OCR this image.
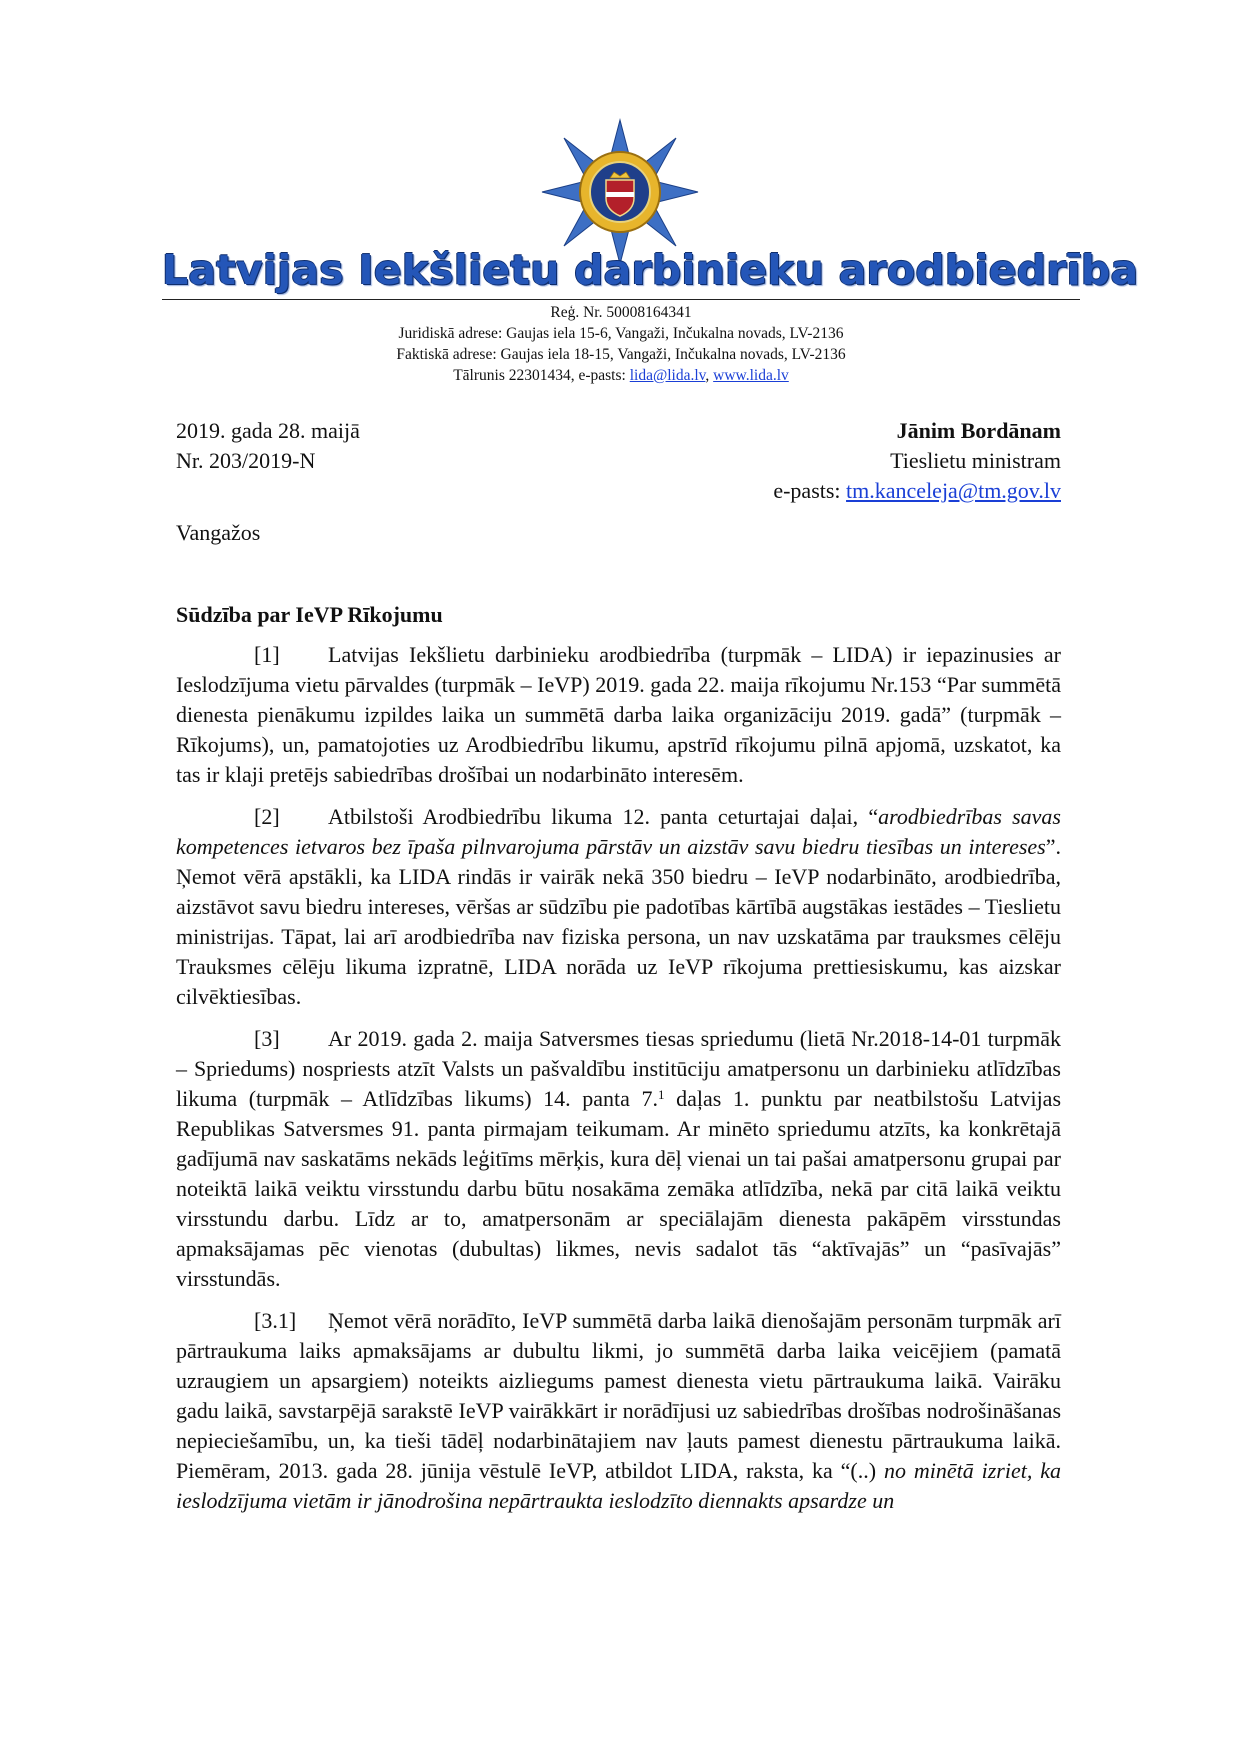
Latvijas Iekšlietu darbinieku arodbiedrība
Reģ. Nr. 50008164341
Juridiskā adrese: Gaujas iela 15-6, Vangaži, Inčukalna novads, LV-2136
Faktiskā adrese: Gaujas iela 18-15, Vangaži, Inčukalna novads, LV-2136
Tālrunis 22301434, e-pasts: lida@lida.lv, www.lida.lv
2019. gada 28. maijā
Nr. 203/2019-N
Jānim Bordānam
Tieslietu ministram
e-pasts: tm.kanceleja@tm.gov.lv
Vangažos
Sūdzība par IeVP Rīkojumu

[1] Latvijas Iekšlietu darbinieku arodbiedrība (turpmāk – LIDA) ir iepazinusies ar Ieslodzījuma vietu pārvaldes (turpmāk – IeVP) 2019. gada 22. maija rīkojumu Nr.153 “Par summētā dienesta pienākumu izpildes laika un summētā darba laika organizāciju 2019. gadā” (turpmāk – Rīkojums), un, pamatojoties uz Arodbiedrību likumu, apstrīd rīkojumu pilnā apjomā, uzskatot, ka tas ir klaji pretējs sabiedrības drošībai un nodarbināto interesēm.

[2] Atbilstoši Arodbiedrību likuma 12. panta ceturtajai daļai, “arodbiedrības savas kompetences ietvaros bez īpaša pilnvarojuma pārstāv un aizstāv savu biedru tiesības un intereses”. Ņemot vērā apstākli, ka LIDA rindās ir vairāk nekā 350 biedru – IeVP nodarbināto, arodbiedrība, aizstāvot savu biedru intereses, vēršas ar sūdzību pie padotības kārtībā augstākas iestādes – Tieslietu ministrijas. Tāpat, lai arī arodbiedrība nav fiziska persona, un nav uzskatāma par trauksmes cēlēju Trauksmes cēlēju likuma izpratnē, LIDA norāda uz IeVP rīkojuma prettiesiskumu, kas aizskar cilvēktiesības.

[3] Ar 2019. gada 2. maija Satversmes tiesas spriedumu (lietā Nr.2018-14-01 turpmāk – Spriedums) nospriests atzīt Valsts un pašvaldību institūciju amatpersonu un darbinieku atlīdzības likuma (turpmāk – Atlīdzības likums) 14. panta 7.$^1$ daļas 1. punktu par neatbilstošu Latvijas Republikas Satversmes 91. panta pirmajam teikumam. Ar minēto spriedumu atzīts, ka konkrētajā gadījumā nav saskatāms nekāds leģitīms mērķis, kura dēļ vienai un tai pašai amatpersonu grupai par noteiktā laikā veiktu virsstundu darbu būtu nosakāma zemāka atlīdzība, nekā par citā laikā veiktu virsstundu darbu. Līdz ar to, amatpersonām ar speciālajām dienesta pakāpēm virsstundas apmaksājamas pēc vienotas (dubultas) likmes, nevis sadalot tās “aktīvajās” un “pasīvajās” virsstundās.

[3.1] Ņemot vērā norādīto, IeVP summētā darba laikā dienošajām personām turpmāk arī pārtraukuma laiks apmaksājams ar dubultu likmi, jo summētā darba laika veicējiem (pamatā uzraugiem un apsargiem) noteikts aizliegums pamest dienesta vietu pārtraukuma laikā. Vairāku gadu laikā, savstarpējā sarakstē IeVP vairākkārt ir norādījusi uz sabiedrības drošības nodrošināšanas nepieciešamību, un, ka tieši tādēļ nodarbinātajiem nav ļauts pamest dienestu pārtraukuma laikā. Piemēram, 2013. gada 28. jūnija vēstulē IeVP, atbildot LIDA, raksta, ka “(..) no minētā izriet, ka ieslodzījuma vietām ir jānodrošina nepārtraukta ieslodzīto diennakts apsardze un
